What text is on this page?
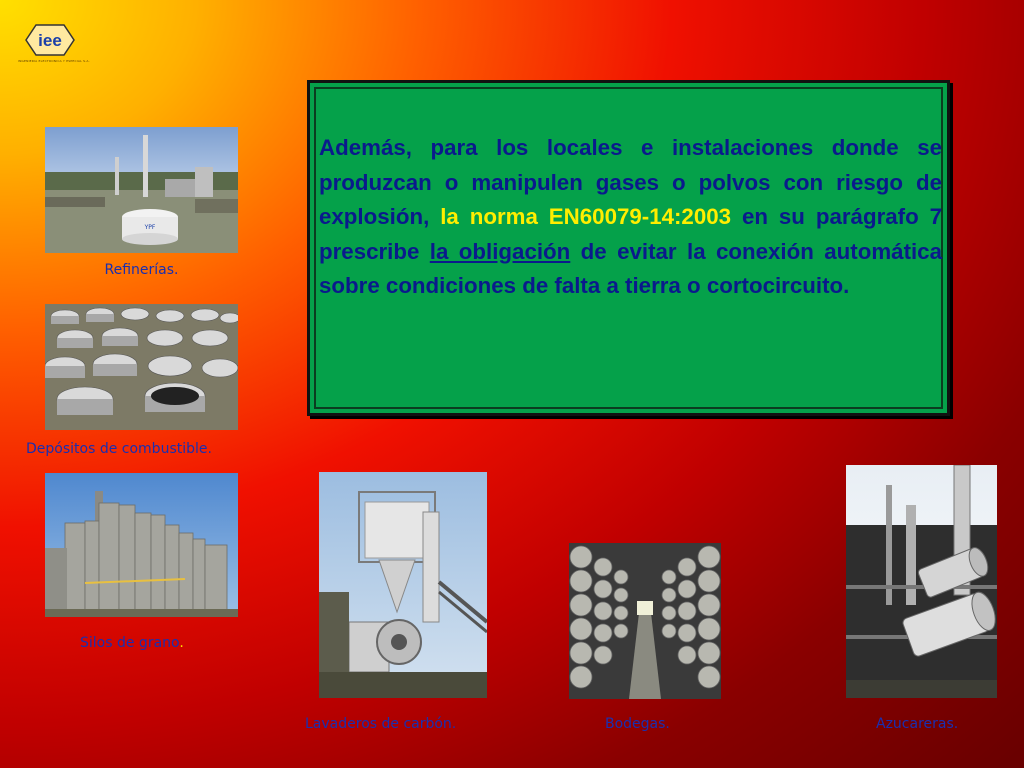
iee
INGENIERIA ELECTRONICA Y ESPECIAL S.A.
YPF
Refinerías.
Depósitos de combustible.
Silos de grano.
Lavaderos de carbón.	Bodegas.	Azucareras.

Además, para los locales e instalaciones donde se produzcan o manipulen gases o polvos con riesgo de explosión, la norma EN60079-14:2003 en su parágrafo 7 prescribe la obligación de evitar la conexión automática sobre condiciones de falta a tierra o cortocircuito.
